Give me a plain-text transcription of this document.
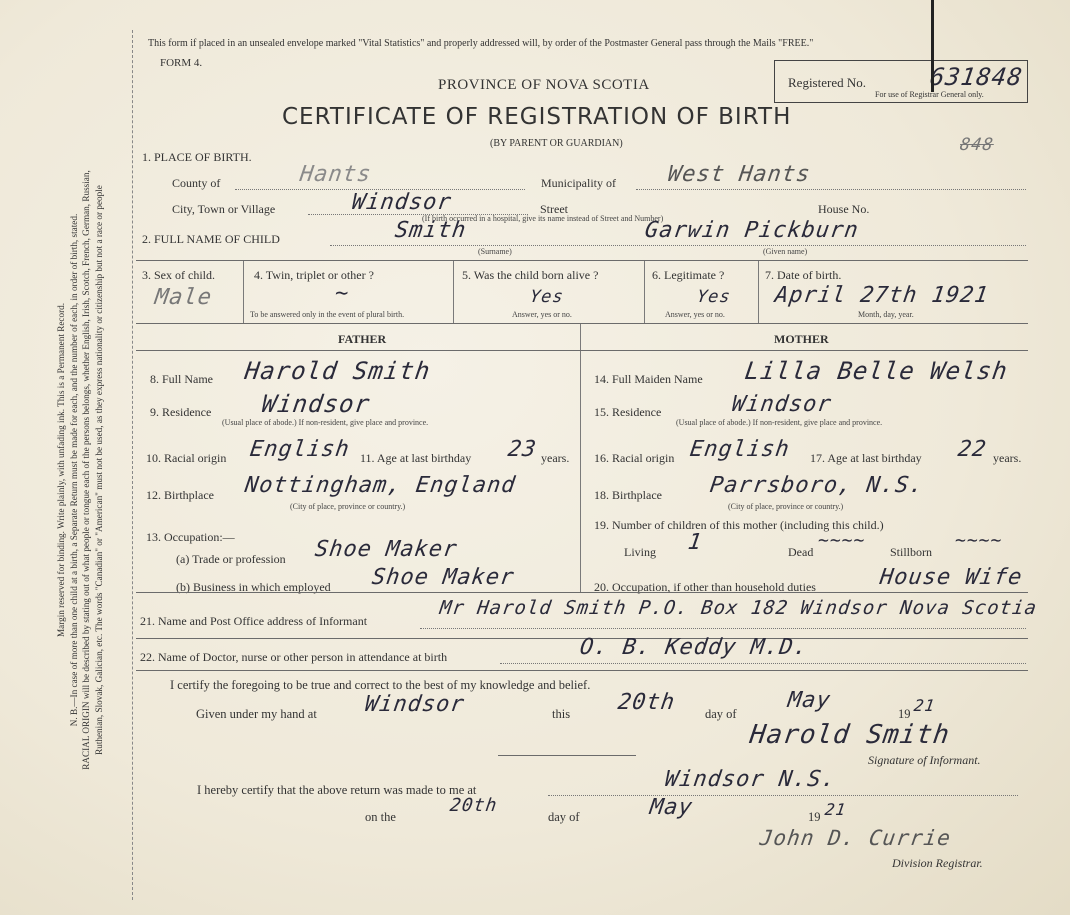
Margin reserved for binding. Write plainly, with unfading ink. This is a Permanent Record. N. B.—In case of more than one child at a birth, a Separate Return must be made for each, and the number of each, in order of birth, stated. RACIAL ORIGIN will be described by stating out of what people or tongue each of the persons belongs, whether English, Irish, Scotch, French, German, Russian, Ruthenian, Slovak, Galician, etc. The words "Canadian" or "American" must not be used, as they express nationality or citizenship but not a race or people
This form if placed in an unsealed envelope marked "Vital Statistics" and properly addressed will, by order of the Postmaster General pass through the Mails "FREE."
FORM 4.
PROVINCE OF NOVA SCOTIA
CERTIFICATE OF REGISTRATION OF BIRTH
(BY PARENT OR GUARDIAN)
Registered No.	631848
For use of Registrar General only.
848
1. PLACE OF BIRTH.
County of	Hants	Municipality of West Hants
City, Town or Village	Windsor	Street	House No.
(If birth occurred in a hospital, give its name instead of Street and Number)
2. FULL NAME OF CHILD	Smith
(Surname)
Garwin Pickburn
(Given name)
3. Sex of child.
Male
4. Twin, triplet or other ?
~
To be answered only in the event of plural birth.
5. Was the child born alive ?
Yes
Answer, yes or no.
6. Legitimate ?
Yes
Answer, yes or no.
7. Date of birth.
April 27th 1921
Month, day, year.
FATHER	MOTHER
8. Full Name Harold Smith
9. Residence Windsor
(Usual place of abode.) If non-resident, give place and province.
10. Racial origin English 11. Age at last birthday 23 years.
12. Birthplace Nottingham, England
(City of place, province or country.)
13. Occupation:—
(a) Trade or profession Shoe Maker
(b) Business in which employed Shoe Maker
14. Full Maiden Name Lilla Belle Welsh
15. Residence	Windsor
(Usual place of abode.) If non-resident, give place and province.
16. Racial origin English 17. Age at last birthday 22 years.
18. Birthplace Parrsboro, N.S.
(City of place, province or country.)
19. Number of children of this mother (including this child.)
Living 1	Dead
~~~~
Stillborn
~~~~
20. Occupation, if other than household duties	House Wife
21. Name and Post Office address of Informant
Mr Harold Smith P.O. Box 182 Windsor Nova Scotia
22. Name of Doctor, nurse or other person in attendance at birth	O. B. Keddy M.D.
I certify the foregoing to be true and correct to the best of my knowledge and belief.
Given under my hand at Windsor	this 20th day of
May
19 21
Harold Smith
Signature of Informant.
I hereby certify that the above return was made to me at	Windsor N.S.
on the
20th
day of	May	19 21
John D. Currie
Division Registrar.
